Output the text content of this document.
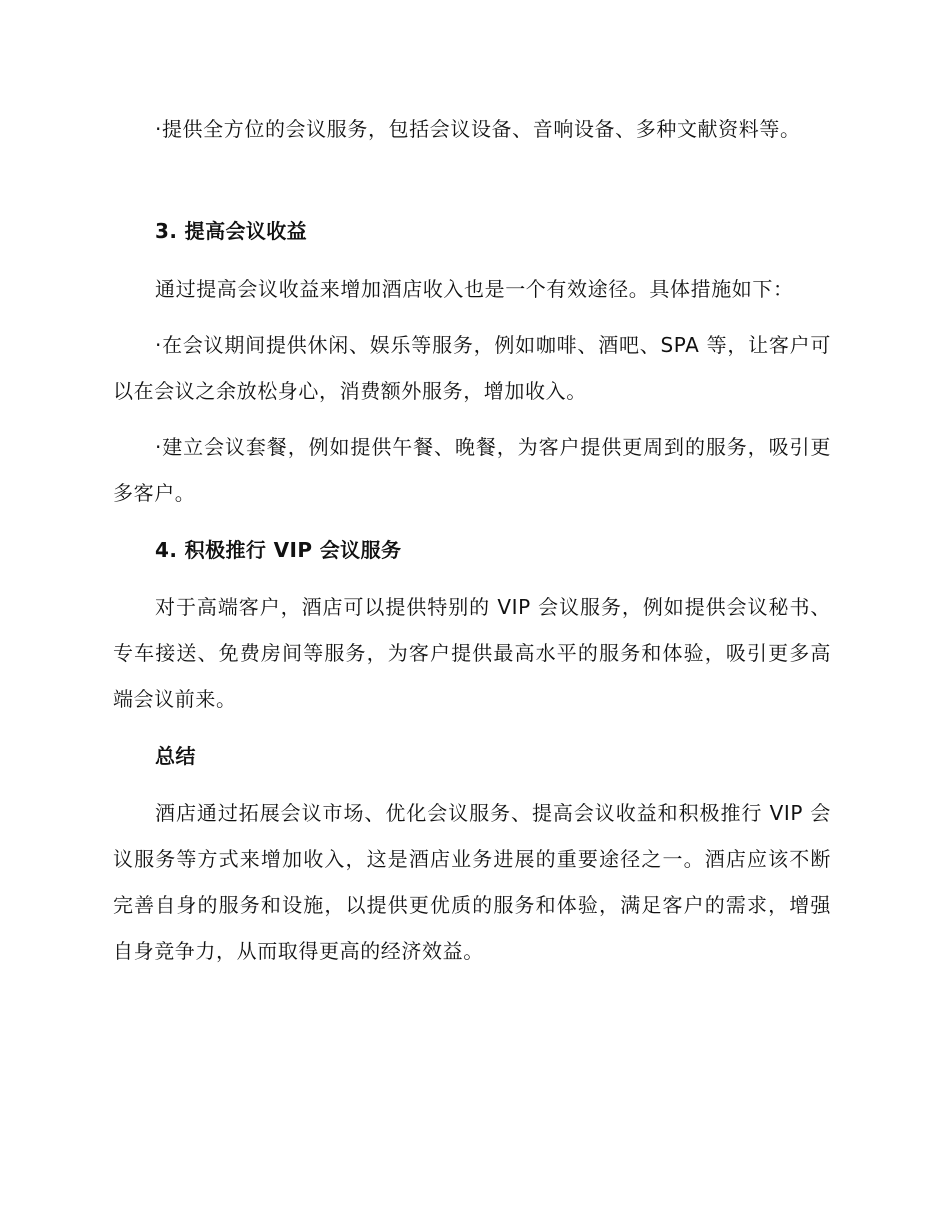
·提供全方位的会议服务，包括会议设备、音响设备、多种文献资料等。

3. 提高会议收益

通过提高会议收益来增加酒店收入也是一个有效途径。具体措施如下：

·在会议期间提供休闲、娱乐等服务，例如咖啡、酒吧、SPA 等，让客户可以在会议之余放松身心，消费额外服务，增加收入。

·建立会议套餐，例如提供午餐、晚餐，为客户提供更周到的服务，吸引更多客户。

4. 积极推行 VIP 会议服务

对于高端客户，酒店可以提供特别的 VIP 会议服务，例如提供会议秘书、专车接送、免费房间等服务，为客户提供最高水平的服务和体验，吸引更多高端会议前来。

总结

酒店通过拓展会议市场、优化会议服务、提高会议收益和积极推行 VIP 会议服务等方式来增加收入，这是酒店业务进展的重要途径之一。酒店应该不断完善自身的服务和设施，以提供更优质的服务和体验，满足客户的需求，增强自身竞争力，从而取得更高的经济效益。
